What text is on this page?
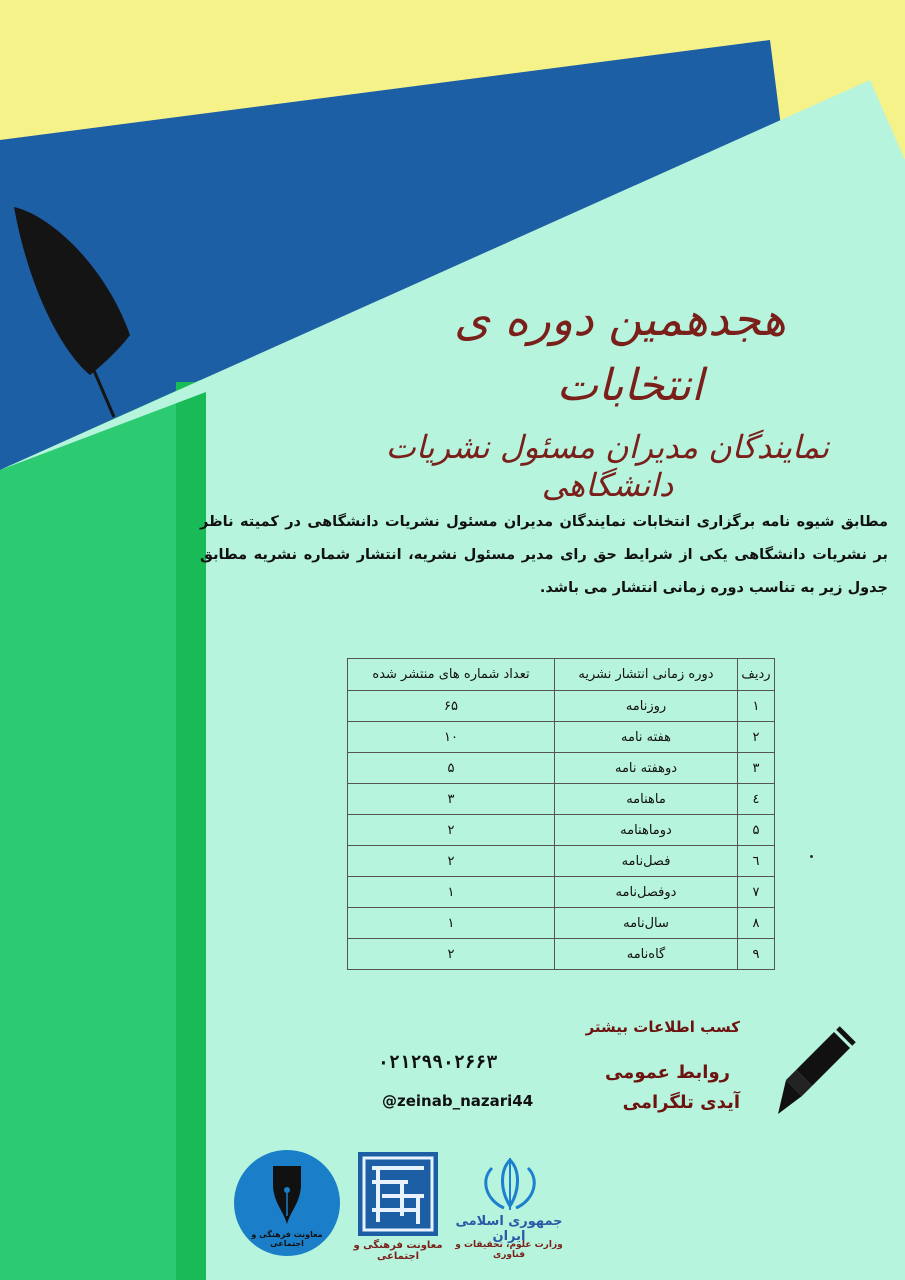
هجدهمین دوره ی
انتخابات
نمایندگان مدیران مسئول نشریات دانشگاهی
مطابق شیوه نامه برگزاری انتخابات نمایندگان مدیران مسئول نشریات دانشگاهی در کمیته ناظر بر نشریات دانشگاهی یکی از شرایط حق رای مدیر مسئول نشریه، انتشار شماره نشریه مطابق جدول زیر به تناسب دوره زمانی انتشار می باشد.
ردیف	دوره زمانی انتشار نشریه	تعداد شماره های منتشر شده
۱	روزنامه	۶۵
۲	هفته نامه	۱۰
۳	دوهفته نامه	۵
٤	ماهنامه	۳
۵	دوماهنامه	۲
٦	فصل‌نامه	۲
۷	دوفصل‌نامه	۱
۸	سال‌نامه	۱
۹	گاه‌نامه	۲
کسب اطلاعات بیشتر
روابط عمومی
آیدی تلگرامی
۰۲۱۲۹۹۰۲۶۶۳
@zeinab_nazari44
معاونت فرهنگی و اجتماعی	معاونت فرهنگی و اجتماعی
جمهوری اسلامی ایران
وزارت علوم، تحقیقات و فناوری
